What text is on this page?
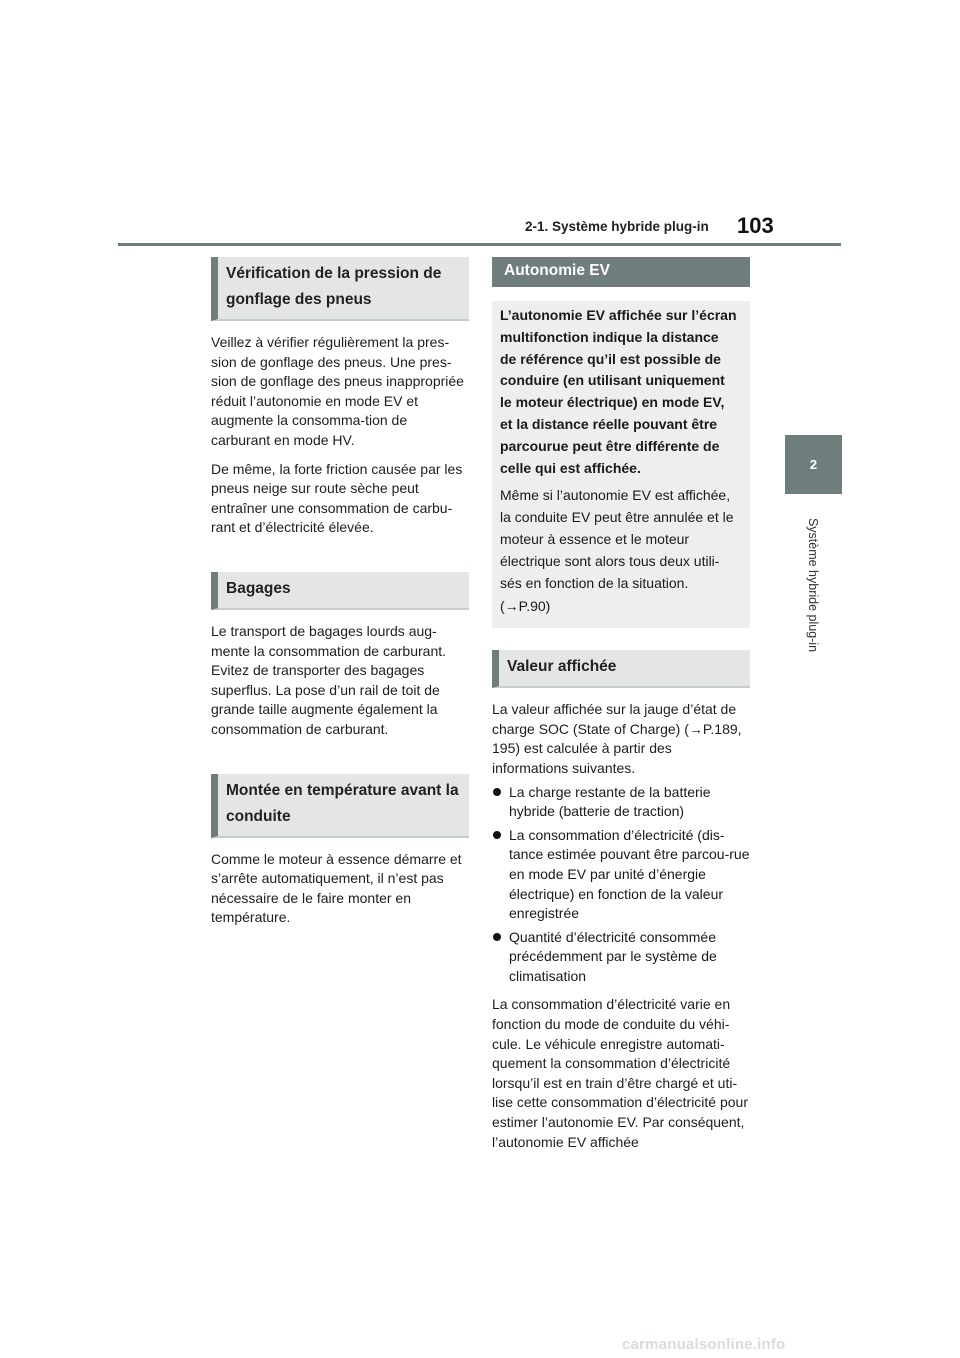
2-1. Système hybride plug-in 103
2
Système hybride plug-in
Vérification de la pression de gonflage des pneus

Veillez à vérifier régulièrement la pres-sion de gonflage des pneus. Une pres-sion de gonflage des pneus inappropriée réduit l’autonomie en mode EV et augmente la consomma-tion de carburant en mode HV.

De même, la forte friction causée par les pneus neige sur route sèche peut entraîner une consommation de carbu-rant et d’électricité élevée.

Bagages

Le transport de bagages lourds aug-mente la consommation de carburant. Evitez de transporter des bagages superflus. La pose d’un rail de toit de grande taille augmente également la consommation de carburant.

Montée en température avant la conduite

Comme le moteur à essence démarre et s’arrête automatiquement, il n’est pas nécessaire de le faire monter en température.

Autonomie EV

L’autonomie EV affichée sur l’écran multifonction indique la distance de référence qu’il est possible de conduire (en utilisant uniquement le moteur électrique) en mode EV, et la distance réelle pouvant être parcourue peut être différente de celle qui est affichée.

Même si l’autonomie EV est affichée, la conduite EV peut être annulée et le moteur à essence et le moteur électrique sont alors tous deux utili-sés en fonction de la situation.

(→P.90)

Valeur affichée

La valeur affichée sur la jauge d’état de charge SOC (State of Charge) (→P.189, 195) est calculée à partir des informations suivantes.

La charge restante de la batterie hybride (batterie de traction)
La consommation d’électricité (dis-tance estimée pouvant être parcou-rue en mode EV par unité d’énergie électrique) en fonction de la valeur enregistrée
Quantité d’électricité consommée précédemment par le système de climatisation

La consommation d’électricité varie en fonction du mode de conduite du véhi-cule. Le véhicule enregistre automati-quement la consommation d’électricité lorsqu’il est en train d’être chargé et uti-lise cette consommation d’électricité pour estimer l’autonomie EV. Par conséquent, l’autonomie EV affichée

carmanualsonline.info
